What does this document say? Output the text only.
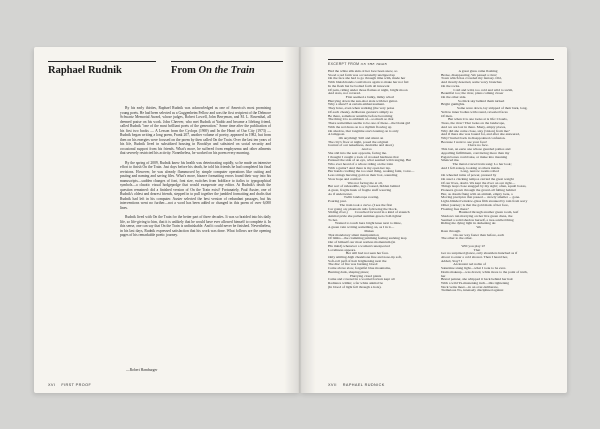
Raphael Rudnik	From On the Train

By his early thirties, Raphael Rudnik was acknowledged as one of America's most promising young poets. He had been selected as a Guggenheim Fellow and was the first recipient of the Delmore Schwartz Memorial Award, whose judges, Robert Lowell, John Berryman, and M. L. Rosenthal, all deemed praise on his work. John Cheever, who met Rudnik at Yaddo and became a lifelong friend, called Rudnik "one of the most brilliant poets of the generation." Some time after the publication of his first two books — A Lesson from the Cyclops (1969) and In the Heart of Our City (1973) — Rudnik began writing a long poem, Frank 207, another volume of poetry, appeared in 1982, but from then on his energies were focused on the poem by then called On the Train. Over the last ten years of his life, Rudnik lived in subsidized housing in Brooklyn and subsisted on social security and occasional support from his friends. What's more, he suffered from emphysema and other ailments that severely restricted his activity. Nonetheless, he worked on his poem every morning.

By the spring of 2009, Rudnik knew his health was deteriorating rapidly, so he made an intensive effort to finish On the Train. Just days before his death, he told his friends he had completed his final revisions. However, he was already flummoxed by simple computer operations like cutting and pasting and naming and saving files. What's more, bizarre formatting errors found their way into his manuscripts—sudden changes of font, font size, switches from boldface to italics to typographical symbols—a chaotic visual hodgepodge that would exasperate any editor. At Rudnik's death the question remained: did a finished version of On the Train exist? Fortunately, Paul Auster, one of Rudnik's oldest and dearest friends, stepped in to pull together the jumbled formatting and drafts that Rudnik had left in his computer. Auster selected the best version of redundant passages, but his interventions went no further—not a word has been added or changed in this poem of over 6,000 lines.

Rudnik lived with On the Train for the better part of three decades. It was so braided into his daily life, so life-giving to him, that it is unlikely that he would have ever allowed himself to complete it. In this sense, one can say that On the Train is unfinishable. And it could never be finished. Nevertheless, in his last days, Rudnik expressed satisfaction that his work was done. What follows are the opening pages of his remarkable poetic journey.

—Robert Hamburger
XVI FIRST PROOF
EXCERPT FROM ON THE TRAIN
Had the white silk skin of her face been snow, so
Stood a red farm was occasionally unzipped up
On the face she had to go through time with, made her
With bluish hands could move again to make her not fail
In the flesh but be bodied forth all innocent
Of pain, riding under those flames at night, bright moon
And stars, not covered.
First seemed a bulky, milky whorl
Hurrying down the sun-shot aisle with her guitar.
Why a shawl? A certain embarrassment.
They have, even when walking (the very poise
Of each cheek), deliberate gesture's simply so
Be there, somehow sensible before becoming
The thing it is as emblem of—so much so that
There sometimes seems to be one of these—the blank girl
With the red dress on is a rhythm flowing up
On shadow, that longtime one's leaning on is only
A lamppost.
Oh anything! Still and silent on
The city's floor at night, posed the original
Journal of our nakedness, desirable and dead.)
And so
She slid into the seat opposite, facing me.
I thought I caught a look of crooked hardness that
Pursued the side of an eye, what seemed wild ranging. But
Who ever heard of a whore riding on the train
With a guitar? And there is my open her lap.
Her hands cradling the too steel thing, soaking faint, voice—
Less strings bursting gold on their box, sounding
Slow hope and comfort.
Was not facing me at all,
But sort of sidesaddle, legs crossed, hidden behind
A great, fragile husk of fragile stuff weaving
As if underwater.
Twilit landscape roaring.
Pouring past.
The train took a curve. (I see the first
Car going on; phantom rails following the block.
Sliding river.)        Crouched forward in a kind of staunch
Animal pride she pulled summer-green cloth tighter
To her.
Wanted to touch here bright knee next to mine,
A green vein writing something on, as I in it—
Makes
That mandatory silent manipulation
Of limbs—the cramming jamming feeling sucking leap
Out of himself our most restless momentum (in
His mind) whenever a woman's unexpected
Loveliness appears.
Her still had not seen her face.
Only smiling-high cheekbone fine and nose-tip soft,
Soft-roll puff of hair brightening next the
The disc of fire was burning blood:
Come above slow, forgetful blue mountains,
Burning dark, shaping pines;
Hurrying cloud plants
Came and covered in a worried forlorn kept all
Radiance within; a far white animal be
(In blood of light fell through a hole).
A great glass came flashing
Broke, disappearing. We passed a river;
Town which has crowded my fantasy. Old,
And mostly deserted, some wavy branches
On the rocks.
Cold and wild, too cold and wild to swim,
Beautiful too; the river, plans coming closer
On the other side.
So thick sky behind them nicked
Bright gunlights.
Some were down, lay stripped of their bark, long,
Yellow inner bodies with round, revealed faces
Of men.
But when it is one looks at is life: Clouds,
Trees, the river! That looks on the landscape,
And we are lost in there. Many, empty places,
Why did she come close, stay (vision) from me?
And if there she was bound for, and after she answered,
Why? hurled back in disappointed confusion.
Because I went to see your face!
I have no face.
This last, an eerie one whose guarded pathos and
Appalling fulfillment, convincing more than my
Pagan bones could take, or make into meaning
Silenced me.
The metal-voiced train sang: Lo her look;
And I fell asleep, looking at others inside.
Long, narrow rooms rolled
On wheeled ruins of power, pressed by
On steel a clacking tempos carried the great weight
Of our lives, doubt. We kept the river on our right—
Things leapt close snagged by my sight; often, squall boxes,
Pioneers grown through the gravel-all falling behind
Her, as dream flung with an airmail, empty look, a
Moving precipice that passed ... slowly smaller ... gone.
Light-blinded window-glass filth streaked by rain from sorry
Other journey; is that the gold mark of her face,
Floating free there?
Haunted through another green room, leaf
Shadows run marrying on her live green dress, the
Seemed a solid shadow herself, a tree-sculled thing
Riding me dying light in darkening air.
We
Raze through.
On our way faster than before, each
The other to the other.
Will you play it?
That
Got no surprised glance, only shoulders hunched as if
About to enter a cold shower. Then I heard her,
Added, Stay? I
An instant red noble of
Saturnine stung light—what I took to be ever-
Doms makeup—was drawn; while more to the point of truth,
her
Brutal painter, she whipped it back behind her hair
With a wild Ya-mustening inch—this tightening
Neck veins meet—in on over-deliberate,
Tremulous No, intensely disciplined against
XVII RAPHAEL RUDNICK
